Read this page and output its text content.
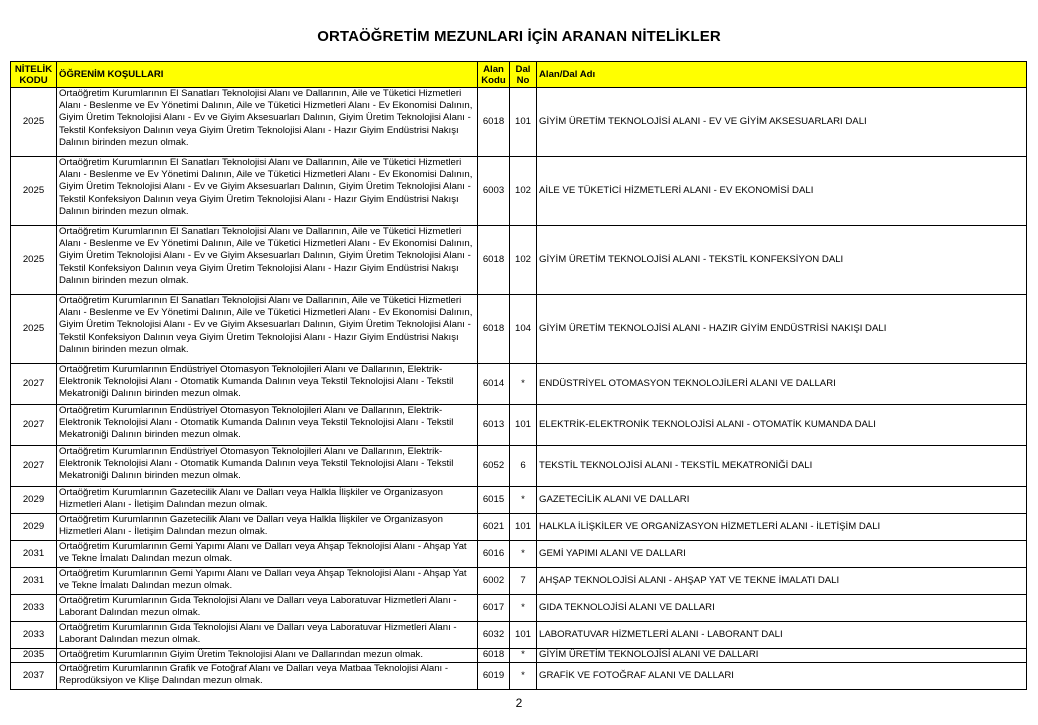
ORTAÖĞRETİM MEZUNLARI İÇİN ARANAN NİTELİKLER
NİTELİK KODU	ÖĞRENİM KOŞULLARI	Alan Kodu	Dal No	Alan/Dal Adı
2025	Ortaöğretim Kurumlarının El Sanatları Teknolojisi Alanı ve Dallarının, Aile ve Tüketici Hizmetleri Alanı - Beslenme ve Ev Yönetimi Dalının, Aile ve Tüketici Hizmetleri Alanı - Ev Ekonomisi Dalının, Giyim Üretim Teknolojisi Alanı - Ev ve Giyim Aksesuarları Dalının, Giyim Üretim Teknolojisi Alanı - Tekstil Konfeksiyon Dalının veya Giyim Üretim Teknolojisi Alanı - Hazır Giyim Endüstrisi Nakışı Dalının birinden mezun olmak.	6018	101	GİYİM ÜRETİM TEKNOLOJİSİ ALANI - EV VE GİYİM AKSESUARLARI DALI
2025	Ortaöğretim Kurumlarının El Sanatları Teknolojisi Alanı ve Dallarının, Aile ve Tüketici Hizmetleri Alanı - Beslenme ve Ev Yönetimi Dalının, Aile ve Tüketici Hizmetleri Alanı - Ev Ekonomisi Dalının, Giyim Üretim Teknolojisi Alanı - Ev ve Giyim Aksesuarları Dalının, Giyim Üretim Teknolojisi Alanı - Tekstil Konfeksiyon Dalının veya Giyim Üretim Teknolojisi Alanı - Hazır Giyim Endüstrisi Nakışı Dalının birinden mezun olmak.	6003	102	AİLE VE TÜKETİCİ HİZMETLERİ ALANI - EV EKONOMİSİ DALI
2025	Ortaöğretim Kurumlarının El Sanatları Teknolojisi Alanı ve Dallarının, Aile ve Tüketici Hizmetleri Alanı - Beslenme ve Ev Yönetimi Dalının, Aile ve Tüketici Hizmetleri Alanı - Ev Ekonomisi Dalının, Giyim Üretim Teknolojisi Alanı - Ev ve Giyim Aksesuarları Dalının, Giyim Üretim Teknolojisi Alanı - Tekstil Konfeksiyon Dalının veya Giyim Üretim Teknolojisi Alanı - Hazır Giyim Endüstrisi Nakışı Dalının birinden mezun olmak.	6018	102	GİYİM ÜRETİM TEKNOLOJİSİ ALANI - TEKSTİL KONFEKSİYON DALI
2025	Ortaöğretim Kurumlarının El Sanatları Teknolojisi Alanı ve Dallarının, Aile ve Tüketici Hizmetleri Alanı - Beslenme ve Ev Yönetimi Dalının, Aile ve Tüketici Hizmetleri Alanı - Ev Ekonomisi Dalının, Giyim Üretim Teknolojisi Alanı - Ev ve Giyim Aksesuarları Dalının, Giyim Üretim Teknolojisi Alanı - Tekstil Konfeksiyon Dalının veya Giyim Üretim Teknolojisi Alanı - Hazır Giyim Endüstrisi Nakışı Dalının birinden mezun olmak.	6018	104	GİYİM ÜRETİM TEKNOLOJİSİ ALANI - HAZIR GİYİM ENDÜSTRİSİ NAKIŞI DALI
2027	Ortaöğretim Kurumlarının Endüstriyel Otomasyon Teknolojileri Alanı ve Dallarının, Elektrik-Elektronik Teknolojisi Alanı - Otomatik Kumanda Dalının veya Tekstil Teknolojisi Alanı - Tekstil Mekatroniği Dalının birinden mezun olmak.	6014	*	ENDÜSTRİYEL OTOMASYON TEKNOLOJİLERİ ALANI VE DALLARI
2027	Ortaöğretim Kurumlarının Endüstriyel Otomasyon Teknolojileri Alanı ve Dallarının, Elektrik-Elektronik Teknolojisi Alanı - Otomatik Kumanda Dalının veya Tekstil Teknolojisi Alanı - Tekstil Mekatroniği Dalının birinden mezun olmak.	6013	101	ELEKTRİK-ELEKTRONİK TEKNOLOJİSİ ALANI - OTOMATİK KUMANDA DALI
2027	Ortaöğretim Kurumlarının Endüstriyel Otomasyon Teknolojileri Alanı ve Dallarının, Elektrik-Elektronik Teknolojisi Alanı - Otomatik Kumanda Dalının veya Tekstil Teknolojisi Alanı - Tekstil Mekatroniği Dalının birinden mezun olmak.	6052	6	TEKSTİL TEKNOLOJİSİ ALANI - TEKSTİL MEKATRONİĞİ DALI
2029	Ortaöğretim Kurumlarının Gazetecilik Alanı ve Dalları veya Halkla İlişkiler ve Organizasyon Hizmetleri Alanı - İletişim Dalından mezun olmak.	6015	*	GAZETECİLİK ALANI VE DALLARI
2029	Ortaöğretim Kurumlarının Gazetecilik Alanı ve Dalları veya Halkla İlişkiler ve Organizasyon Hizmetleri Alanı - İletişim Dalından mezun olmak.	6021	101	HALKLA İLİŞKİLER VE ORGANİZASYON HİZMETLERİ ALANI - İLETİŞİM DALI
2031	Ortaöğretim Kurumlarının Gemi Yapımı Alanı ve Dalları veya Ahşap Teknolojisi Alanı - Ahşap Yat ve Tekne İmalatı Dalından mezun olmak.	6016	*	GEMİ YAPIMI ALANI VE DALLARI
2031	Ortaöğretim Kurumlarının Gemi Yapımı Alanı ve Dalları veya Ahşap Teknolojisi Alanı - Ahşap Yat ve Tekne İmalatı Dalından mezun olmak.	6002	7	AHŞAP TEKNOLOJİSİ ALANI - AHŞAP YAT VE TEKNE İMALATI DALI
2033	Ortaöğretim Kurumlarının Gıda Teknolojisi Alanı ve Dalları veya Laboratuvar Hizmetleri Alanı - Laborant Dalından mezun olmak.	6017	*	GIDA TEKNOLOJİSİ ALANI VE DALLARI
2033	Ortaöğretim Kurumlarının Gıda Teknolojisi Alanı ve Dalları veya Laboratuvar Hizmetleri Alanı - Laborant Dalından mezun olmak.	6032	101	LABORATUVAR HİZMETLERİ ALANI - LABORANT DALI
2035	Ortaöğretim Kurumlarının Giyim Üretim Teknolojisi Alanı ve Dallarından mezun olmak.	6018	*	GİYİM ÜRETİM TEKNOLOJİSİ ALANI VE DALLARI
2037	Ortaöğretim Kurumlarının Grafik ve Fotoğraf Alanı ve Dalları veya Matbaa Teknolojisi Alanı - Reprodüksiyon ve Klişe Dalından mezun olmak.	6019	*	GRAFİK VE FOTOĞRAF ALANI VE DALLARI
2
